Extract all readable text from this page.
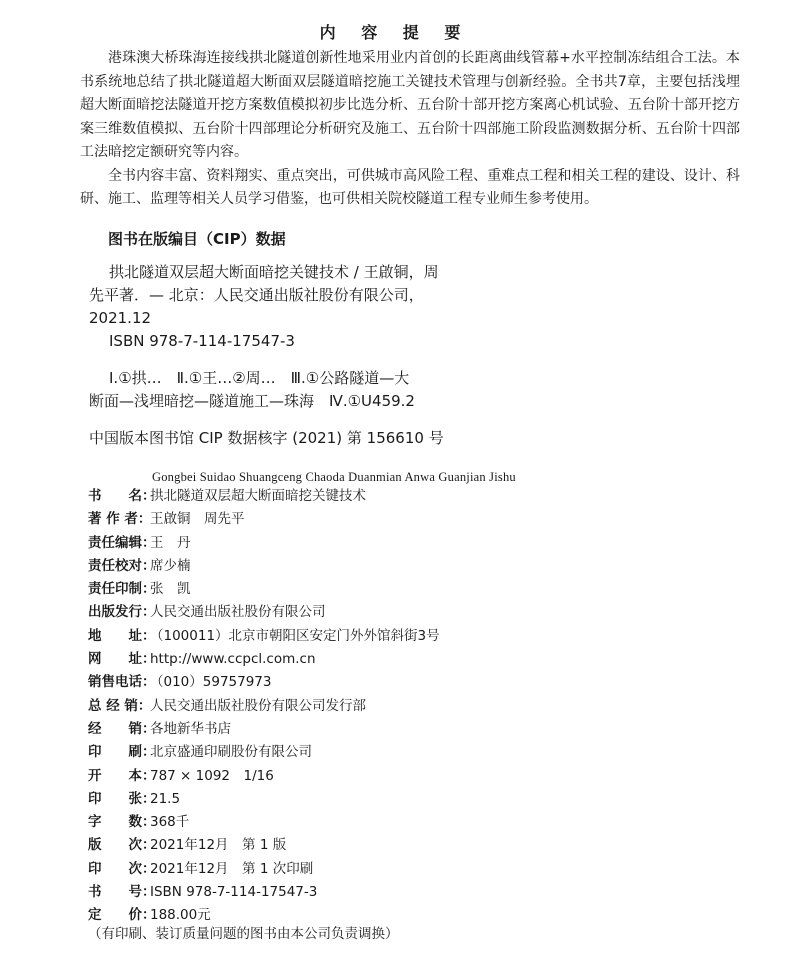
内 容 提 要

港珠澳大桥珠海连接线拱北隧道创新性地采用业内首创的长距离曲线管幕+水平控制冻结组合工法。本书系统地总结了拱北隧道超大断面双层隧道暗挖施工关键技术管理与创新经验。全书共7章，主要包括浅埋超大断面暗挖法隧道开挖方案数值模拟初步比选分析、五台阶十部开挖方案离心机试验、五台阶十部开挖方案三维数值模拟、五台阶十四部理论分析研究及施工、五台阶十四部施工阶段监测数据分析、五台阶十四部工法暗挖定额研究等内容。

全书内容丰富、资料翔实、重点突出，可供城市高风险工程、重难点工程和相关工程的建设、设计、科研、施工、监理等相关人员学习借鉴，也可供相关院校隧道工程专业师生参考使用。

图书在版编目（CIP）数据

拱北隧道双层超大断面暗挖关键技术 / 王啟铜，周

先平著．— 北京：人民交通出版社股份有限公司，
2021.12
ISBN 978-7-114-17547-3
Ⅰ.①拱…　Ⅱ.①王…②周…　Ⅲ.①公路隧道—大
断面—浅埋暗挖—隧道施工—珠海　Ⅳ.①U459.2
中国版本图书馆 CIP 数据核字 (2021) 第 156610 号
Gongbei Suidao Shuangceng Chaoda Duanmian Anwa Guanjian Jishu
书　　名：
拱北隧道双层超大断面暗挖关键技术
著 作 者：
王啟铜　周先平
责任编辑：
王　丹
责任校对：
席少楠
责任印制：
张　凯
出版发行：
人民交通出版社股份有限公司
地　　址：
（100011）北京市朝阳区安定门外外馆斜街3号
网　　址：
http://www.ccpcl.com.cn
销售电话：
（010）59757973
总 经 销：
人民交通出版社股份有限公司发行部
经　　销：
各地新华书店
印　　刷：
北京盛通印刷股份有限公司
开　　本：
787 × 1092　1/16
印　　张：
21.5
字　　数：
368千
版　　次：
2021年12月　第 1 版
印　　次：
2021年12月　第 1 次印刷
书　　号：
ISBN 978-7-114-17547-3
定　　价：
188.00元
（有印刷、装订质量问题的图书由本公司负责调换）
